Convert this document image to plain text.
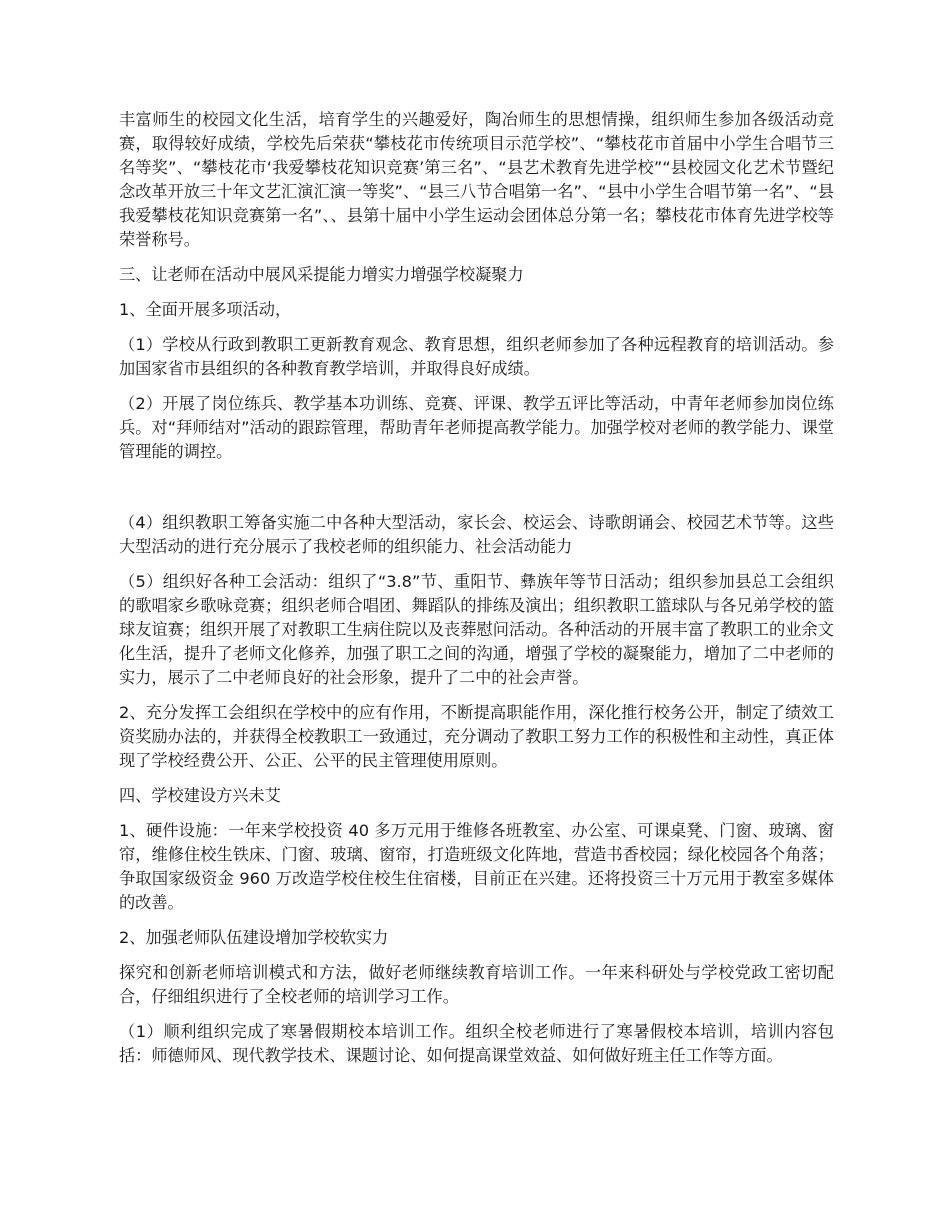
丰富师生的校园文化生活，培育学生的兴趣爱好，陶冶师生的思想情操，组织师生参加各级活动竞赛，取得较好成绩，学校先后荣获“攀枝花市传统项目示范学校”、“攀枝花市首届中小学生合唱节三名等奖”、“攀枝花市‘我爱攀枝花知识竞赛’第三名”、“县艺术教育先进学校”“县校园文化艺术节暨纪念改革开放三十年文艺汇演汇演一等奖”、“县三八节合唱第一名”、“县中小学生合唱节第一名”、“县我爱攀枝花知识竞赛第一名”、、县第十届中小学生运动会团体总分第一名；攀枝花市体育先进学校等荣誉称号。

三、让老师在活动中展风采提能力增实力增强学校凝聚力

1、全面开展多项活动，

（1）学校从行政到教职工更新教育观念、教育思想，组织老师参加了各种远程教育的培训活动。参加国家省市县组织的各种教育教学培训，并取得良好成绩。

（2）开展了岗位练兵、教学基本功训练、竞赛、评课、教学五评比等活动，中青年老师参加岗位练兵。对“拜师结对”活动的跟踪管理，帮助青年老师提高教学能力。加强学校对老师的教学能力、课堂管理能的调控。

（4）组织教职工筹备实施二中各种大型活动，家长会、校运会、诗歌朗诵会、校园艺术节等。这些大型活动的进行充分展示了我校老师的组织能力、社会活动能力

（5）组织好各种工会活动：组织了“3.8”节、重阳节、彝族年等节日活动；组织参加县总工会组织的歌唱家乡歌咏竞赛；组织老师合唱团、舞蹈队的排练及演出；组织教职工篮球队与各兄弟学校的篮球友谊赛；组织开展了对教职工生病住院以及丧葬慰问活动。各种活动的开展丰富了教职工的业余文化生活，提升了老师文化修养，加强了职工之间的沟通，增强了学校的凝聚能力，增加了二中老师的实力，展示了二中老师良好的社会形象，提升了二中的社会声誉。

2、充分发挥工会组织在学校中的应有作用，不断提高职能作用，深化推行校务公开，制定了绩效工资奖励办法的，并获得全校教职工一致通过，充分调动了教职工努力工作的积极性和主动性，真正体现了学校经费公开、公正、公平的民主管理使用原则。

四、学校建设方兴未艾

1、硬件设施：一年来学校投资 40 多万元用于维修各班教室、办公室、可课桌凳、门窗、玻璃、窗帘，维修住校生铁床、门窗、玻璃、窗帘，打造班级文化阵地，营造书香校园；绿化校园各个角落；争取国家级资金 960 万改造学校住校生住宿楼，目前正在兴建。还将投资三十万元用于教室多媒体的改善。

2、加强老师队伍建设增加学校软实力

探究和创新老师培训模式和方法，做好老师继续教育培训工作。一年来科研处与学校党政工密切配合，仔细组织进行了全校老师的培训学习工作。

（1）顺利组织完成了寒暑假期校本培训工作。组织全校老师进行了寒暑假校本培训，培训内容包括：师德师风、现代教学技术、课题讨论、如何提高课堂效益、如何做好班主任工作等方面。
